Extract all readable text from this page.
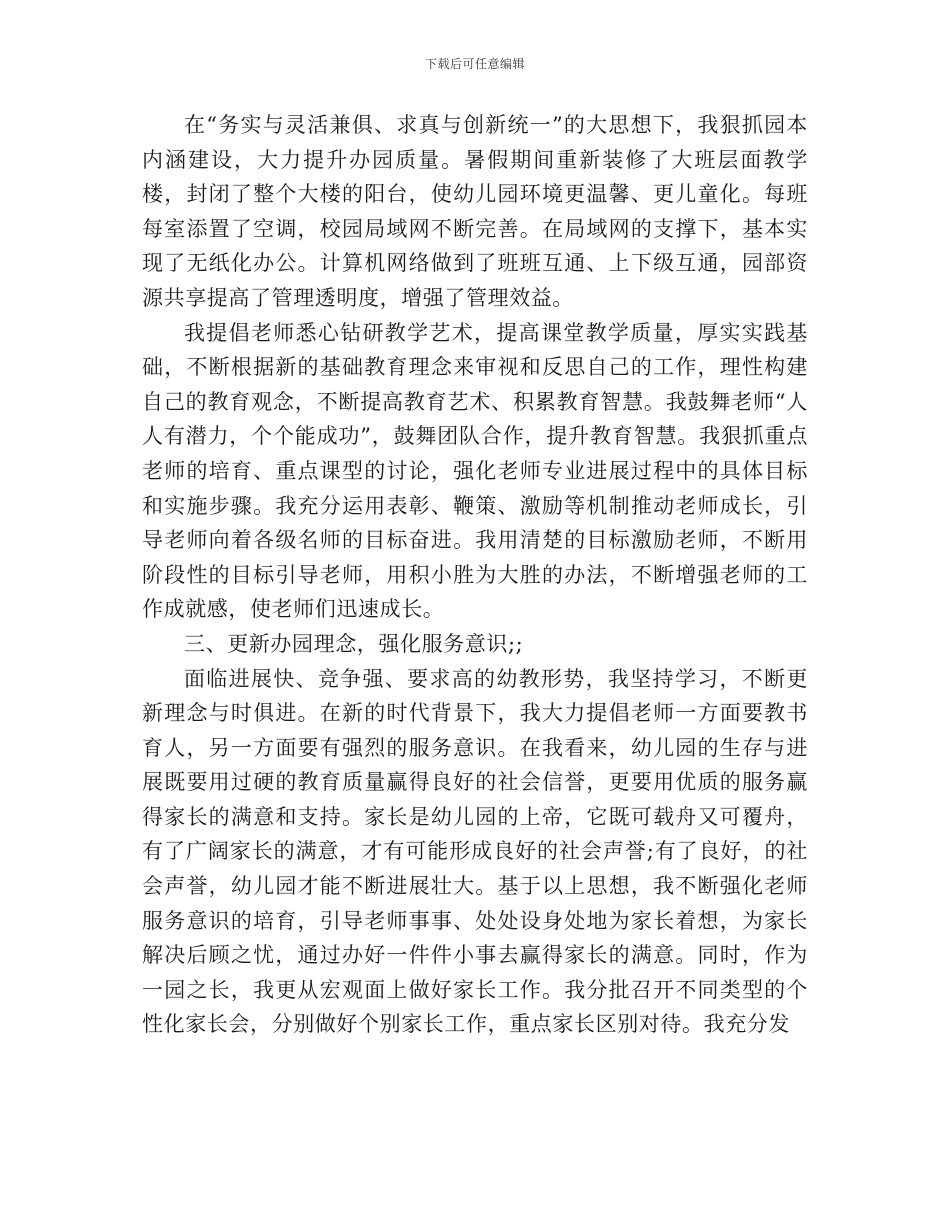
下载后可任意编辑

在“务实与灵活兼俱、求真与创新统一”的大思想下，我狠抓园本内涵建设，大力提升办园质量。暑假期间重新装修了大班层面教学楼，封闭了整个大楼的阳台，使幼儿园环境更温馨、更儿童化。每班每室添置了空调，校园局域网不断完善。在局域网的支撑下，基本实现了无纸化办公。计算机网络做到了班班互通、上下级互通，园部资源共享提高了管理透明度，增强了管理效益。

我提倡老师悉心钻研教学艺术，提高课堂教学质量，厚实实践基础，不断根据新的基础教育理念来审视和反思自己的工作，理性构建自己的教育观念，不断提高教育艺术、积累教育智慧。我鼓舞老师“人人有潜力，个个能成功”，鼓舞团队合作，提升教育智慧。我狠抓重点老师的培育、重点课型的讨论，强化老师专业进展过程中的具体目标和实施步骤。我充分运用表彰、鞭策、激励等机制推动老师成长，引导老师向着各级名师的目标奋进。我用清楚的目标激励老师，不断用阶段性的目标引导老师，用积小胜为大胜的办法，不断增强老师的工作成就感，使老师们迅速成长。

三、更新办园理念，强化服务意识;;

面临进展快、竞争强、要求高的幼教形势，我坚持学习，不断更新理念与时俱进。在新的时代背景下，我大力提倡老师一方面要教书育人，另一方面要有强烈的服务意识。在我看来，幼儿园的生存与进展既要用过硬的教育质量赢得良好的社会信誉，更要用优质的服务赢得家长的满意和支持。家长是幼儿园的上帝，它既可载舟又可覆舟，有了广阔家长的满意，才有可能形成良好的社会声誉;有了良好，的社会声誉，幼儿园才能不断进展壮大。基于以上思想，我不断强化老师服务意识的培育，引导老师事事、处处设身处地为家长着想，为家长解决后顾之忧，通过办好一件件小事去赢得家长的满意。同时，作为一园之长，我更从宏观面上做好家长工作。我分批召开不同类型的个性化家长会，分别做好个别家长工作，重点家长区别对待。我充分发
